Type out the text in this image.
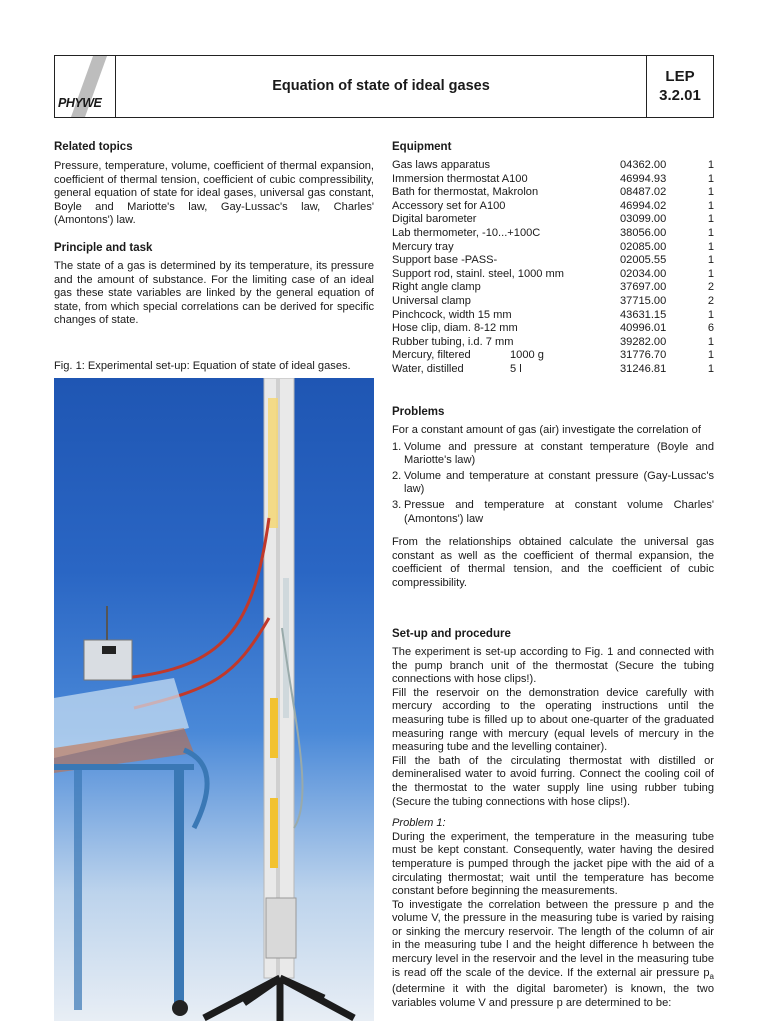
PHYWE
Equation of state of ideal gases
LEP
3.2.01
Related topics

Pressure, temperature, volume, coefficient of thermal expansion, coefficient of thermal tension, coefficient of cubic compressibility, general equation of state for ideal gases, universal gas constant, Boyle and Mariotte's law, Gay-Lussac's law, Charles' (Amontons') law.

Principle and task

The state of a gas is determined by its temperature, its pressure and the amount of substance. For the limiting case of an ideal gas these state variables are linked by the general equation of state, from which special correlations can be derived for specific changes of state.

Fig. 1: Experimental set-up: Equation of state of ideal gases.
Equipment
Gas laws apparatus	04362.00	1
Immersion thermostat A100	46994.93	1
Bath for thermostat, Makrolon	08487.02	1
Accessory set for A100	46994.02	1
Digital barometer	03099.00	1
Lab thermometer, -10...+100C	38056.00	1
Mercury tray	02085.00	1
Support base -PASS-	02005.55	1
Support rod, stainl. steel, 1000 mm	02034.00	1
Right angle clamp	37697.00	2
Universal clamp	37715.00	2
Pinchcock, width 15 mm	43631.15	1
Hose clip, diam. 8-12 mm	40996.01	6
Rubber tubing, i.d. 7 mm	39282.00	1
Mercury, filtered	1000 g	31776.70	1
Water, distilled	5 l	31246.81	1
Problems

For a constant amount of gas (air) investigate the correlation of

1. Volume and pressure at constant temperature (Boyle and Mariotte's law)
2. Volume and temperature at constant pressure (Gay-Lussac's law)
3. Pressue and temperature at constant volume Charles' (Amontons') law

From the relationships obtained calculate the universal gas constant as well as the coefficient of thermal expansion, the coefficient of thermal tension, and the coefficient of cubic compressibility.

Set-up and procedure

The experiment is set-up according to Fig. 1 and connected with the pump branch unit of the thermostat (Secure the tubing connections with hose clips!).

Fill the reservoir on the demonstration device carefully with mercury according to the operating instructions until the measuring tube is filled up to about one-quarter of the graduated measuring range with mercury (equal levels of mercury in the measuring tube and the levelling container).

Fill the bath of the circulating thermostat with distilled or demineralised water to avoid furring. Connect the cooling coil of the thermostat to the water supply line using rubber tubing (Secure the tubing connections with hose clips!).

Problem 1:

During the experiment, the temperature in the measuring tube must be kept constant. Consequently, water having the desired temperature is pumped through the jacket pipe with the aid of a circulating thermostat; wait until the temperature has become constant before beginning the measurements.

To investigate the correlation between the pressure p and the volume V, the pressure in the measuring tube is varied by raising or sinking the mercury reservoir. The length of the column of air in the measuring tube l and the height difference h between the mercury level in the reservoir and the level in the measuring tube is read off the scale of the device. If the external air pressure $p_a$ (determine it with the digital barometer) is known, the two variables volume V and pressure p are determined to be:
